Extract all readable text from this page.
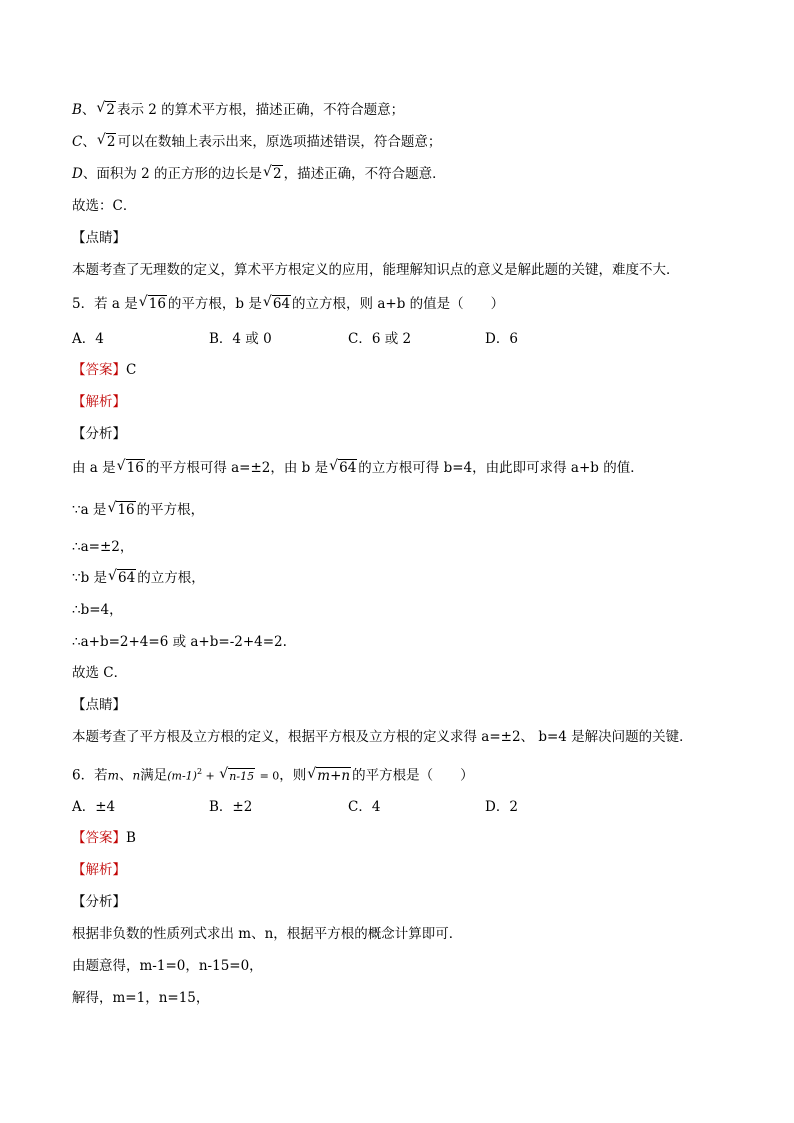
B、 √ 2 表示 2 的算术平方根，描述正确，不符合题意；
C、 √ 2 可以在数轴上表示出来，原选项描述错误，符合题意；
D、面积为 2 的正方形的边长是 √ 2 ，描述正确，不符合题意．
故选：C．
【点睛】
本题考查了无理数的定义，算术平方根定义的应用，能理解知识点的意义是解此题的关键，难度不大．
5．若 a 是 √ 16 的平方根，b 是 √ 64 的立方根，则 a+b 的值是（　　）
A．4	B．4 或 0	C．6 或 2	D．6
【答案】C
【解析】
【分析】
由 a 是 √ 16 的平方根可得 a=±2，由 b 是 √ 64 的立方根可得 b=4，由此即可求得 a+b 的值．
∵a 是 √ 16 的平方根，
∴a=±2，
∵b 是 √ 64 的立方根，
∴b=4，
∴a+b=2+4=6 或 a+b=-2+4=2.
故选 C．
【点睛】
本题考查了平方根及立方根的定义，根据平方根及立方根的定义求得 a=±2、 b=4 是解决问题的关键．
6．若m、n满足$(m-1)^2$ + √ n-15 = 0，则 √ m+n 的平方根是（　　）
A．±4	B．±2	C．4	D．2
【答案】B
【解析】
【分析】
根据非负数的性质列式求出 m、n，根据平方根的概念计算即可．
由题意得，m-1=0，n-15=0，
解得，m=1，n=15，
